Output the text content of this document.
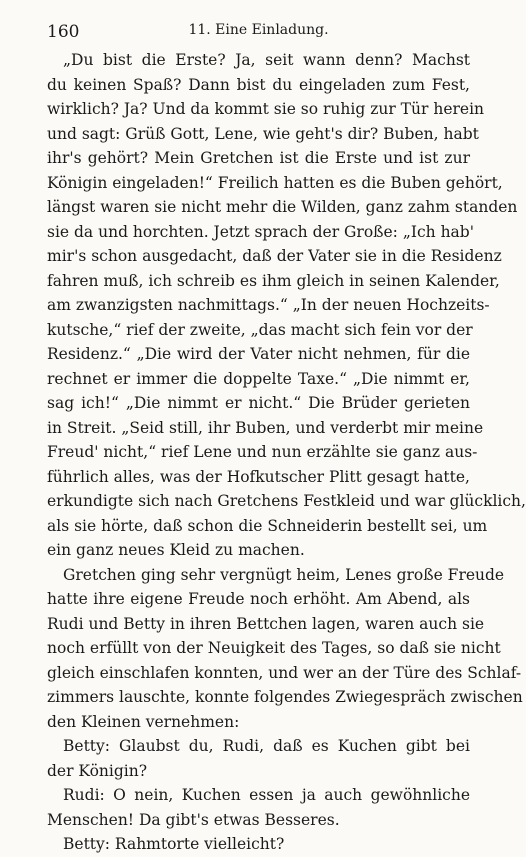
160	11. Eine Einladung.
„Du bist die Erste? Ja, seit wann denn? Machst
du keinen Spaß? Dann bist du eingeladen zum Fest,
wirklich? Ja? Und da kommt sie so ruhig zur Tür herein
und sagt: Grüß Gott, Lene, wie geht's dir? Buben, habt
ihr's gehört? Mein Gretchen ist die Erste und ist zur
Königin eingeladen!“ Freilich hatten es die Buben gehört,
längst waren sie nicht mehr die Wilden, ganz zahm standen
sie da und horchten. Jetzt sprach der Große: „Ich hab'
mir's schon ausgedacht, daß der Vater sie in die Residenz
fahren muß, ich schreib es ihm gleich in seinen Kalender,
am zwanzigsten nachmittags.“ „In der neuen Hochzeits-
kutsche,“ rief der zweite, „das macht sich fein vor der
Residenz.“ „Die wird der Vater nicht nehmen, für die
rechnet er immer die doppelte Taxe.“ „Die nimmt er,
sag ich!“ „Die nimmt er nicht.“ Die Brüder gerieten
in Streit. „Seid still, ihr Buben, und verderbt mir meine
Freud' nicht,“ rief Lene und nun erzählte sie ganz aus-
führlich alles, was der Hofkutscher Plitt gesagt hatte,
erkundigte sich nach Gretchens Festkleid und war glücklich,
als sie hörte, daß schon die Schneiderin bestellt sei, um
ein ganz neues Kleid zu machen.
Gretchen ging sehr vergnügt heim, Lenes große Freude
hatte ihre eigene Freude noch erhöht. Am Abend, als
Rudi und Betty in ihren Bettchen lagen, waren auch sie
noch erfüllt von der Neuigkeit des Tages, so daß sie nicht
gleich einschlafen konnten, und wer an der Türe des Schlaf-
zimmers lauschte, konnte folgendes Zwiegespräch zwischen
den Kleinen vernehmen:
Betty: Glaubst du, Rudi, daß es Kuchen gibt bei
der Königin?
Rudi: O nein, Kuchen essen ja auch gewöhnliche
Menschen! Da gibt's etwas Besseres.
Betty: Rahmtorte vielleicht?
